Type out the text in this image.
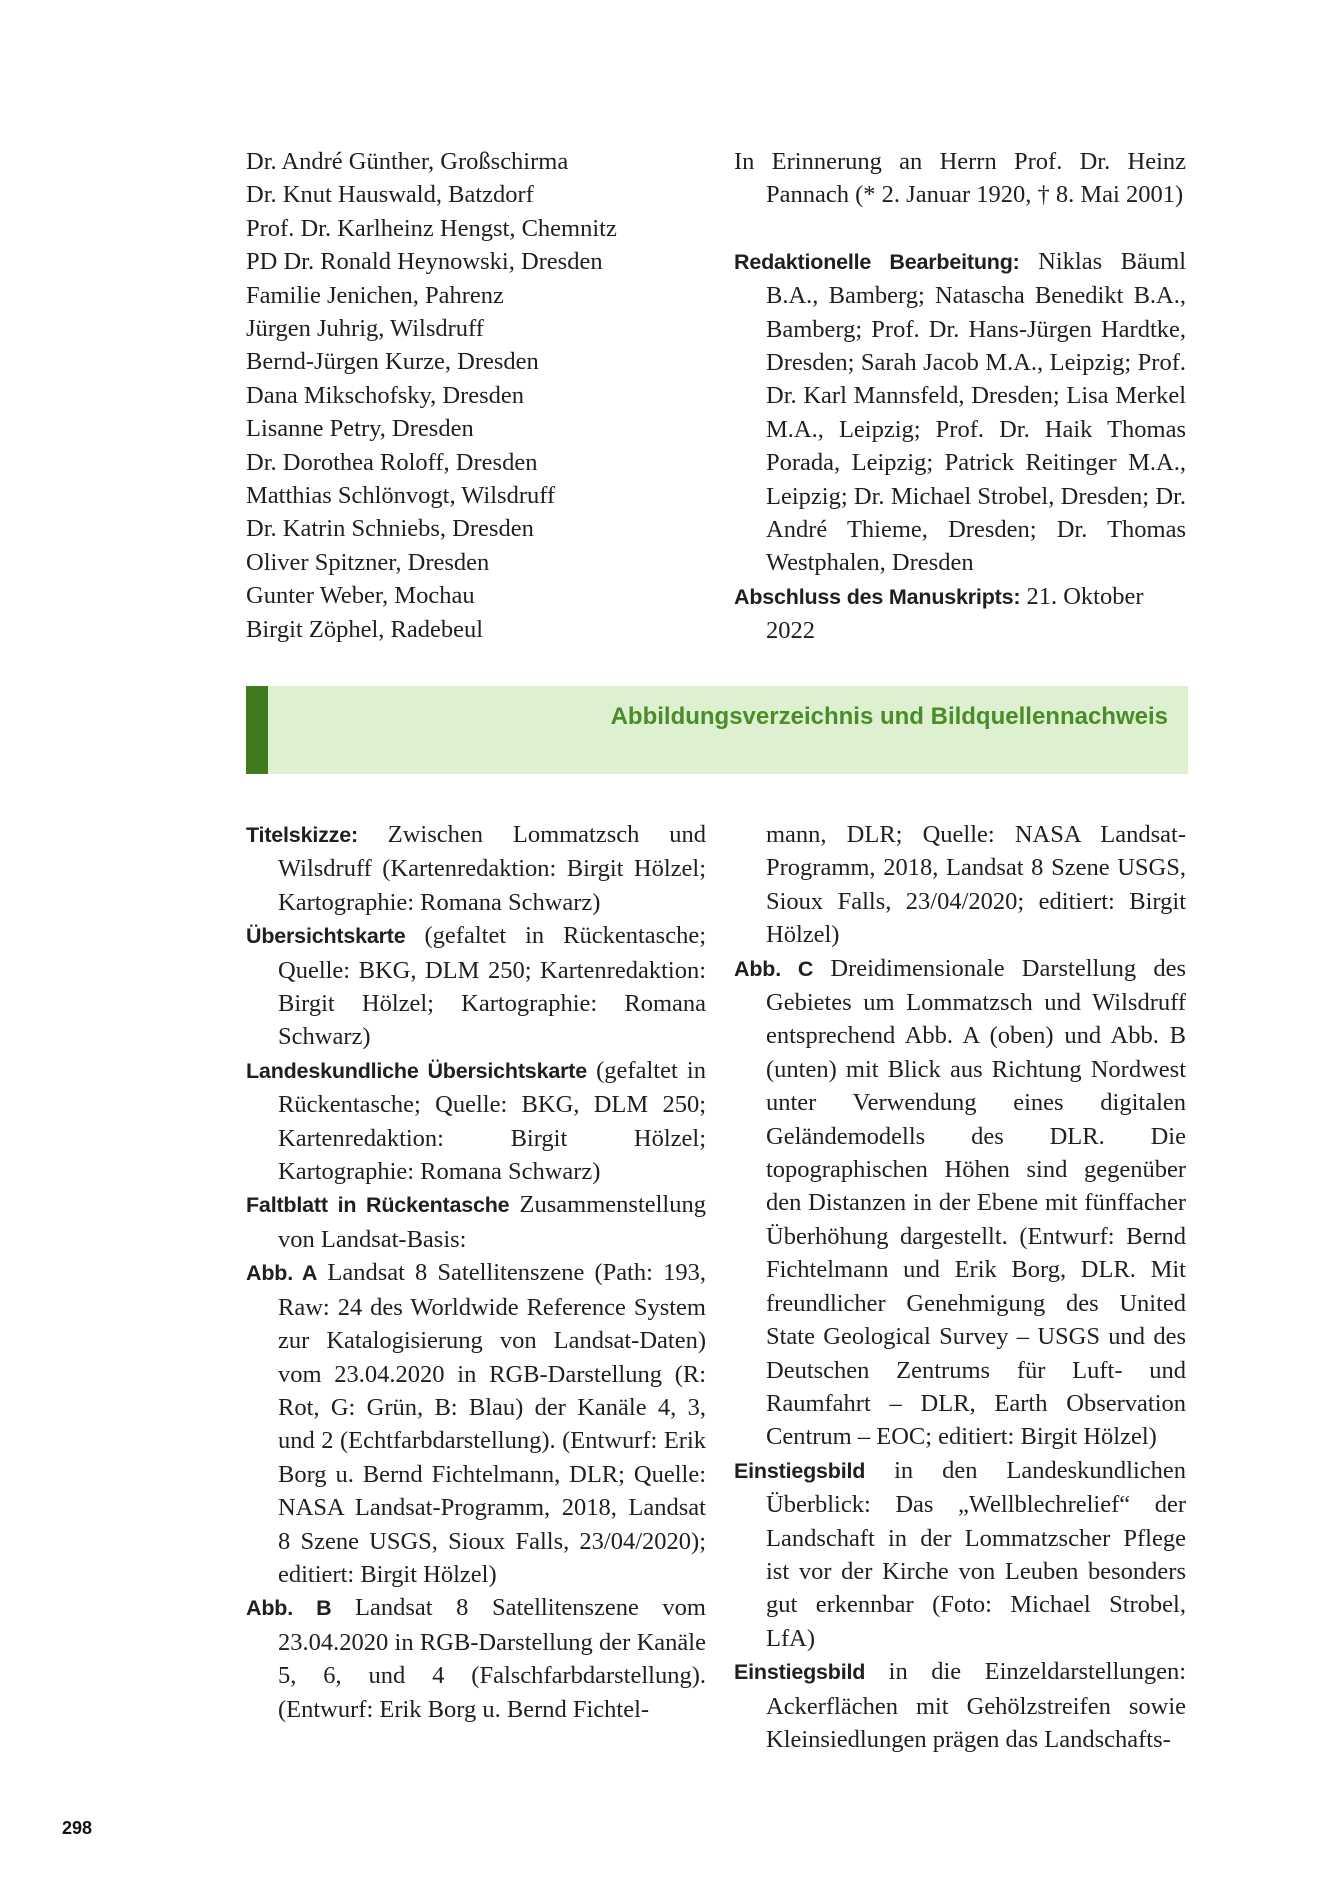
Dr. André Günther, Großschirma

Dr. Knut Hauswald, Batzdorf

Prof. Dr. Karlheinz Hengst, Chemnitz

PD Dr. Ronald Heynowski, Dresden

Familie Jenichen, Pahrenz

Jürgen Juhrig, Wilsdruff

Bernd-Jürgen Kurze, Dresden

Dana Mikschofsky, Dresden

Lisanne Petry, Dresden

Dr. Dorothea Roloff, Dresden

Matthias Schlönvogt, Wilsdruff

Dr. Katrin Schniebs, Dresden

Oliver Spitzner, Dresden

Gunter Weber, Mochau

Birgit Zöphel, Radebeul

In Erinnerung an Herrn Prof. Dr. Heinz Pannach (* 2. Januar 1920, † 8. Mai 2001)

Redaktionelle Bearbeitung: Niklas Bäuml B.A., Bamberg; Natascha Benedikt B.A., Bamberg; Prof. Dr. Hans-Jürgen Hardtke, Dresden; Sarah Jacob M.A., Leipzig; Prof. Dr. Karl Mannsfeld, Dresden; Lisa Merkel M.A., Leipzig; Prof. Dr. Haik Thomas Porada, Leipzig; Patrick Reitinger M.A., Leipzig; Dr. Michael Strobel, Dresden; Dr. André Thieme, Dresden; Dr. Thomas Westphalen, Dresden

Abschluss des Manuskripts: 21. Oktober 2022

Abbildungsverzeichnis und Bildquellennachweis

Titelskizze: Zwischen Lommatzsch und Wilsdruff (Kartenredaktion: Birgit Hölzel; Kartographie: Romana Schwarz)

Übersichtskarte (gefaltet in Rückentasche; Quelle: BKG, DLM 250; Kartenredaktion: Birgit Hölzel; Kartographie: Romana Schwarz)

Landeskundliche Übersichtskarte (gefaltet in Rückentasche; Quelle: BKG, DLM 250; Kartenredaktion: Birgit Hölzel; Kartographie: Romana Schwarz)

Faltblatt in Rückentasche Zusammenstellung von Landsat-Basis:

Abb. A Landsat 8 Satellitenszene (Path: 193, Raw: 24 des Worldwide Reference System zur Katalogisierung von Landsat-Daten) vom 23.04.2020 in RGB-Darstellung (R: Rot, G: Grün, B: Blau) der Kanäle 4, 3, und 2 (Echtfarbdarstellung). (Entwurf: Erik Borg u. Bernd Fichtelmann, DLR; Quelle: NASA Landsat-Programm, 2018, Landsat 8 Szene USGS, Sioux Falls, 23/04/2020); editiert: Birgit Hölzel)

Abb. B Landsat 8 Satellitenszene vom 23.04.2020 in RGB-Darstellung der Kanäle 5, 6, und 4 (Falschfarbdarstellung). (Entwurf: Erik Borg u. Bernd Fichtel-

mann, DLR; Quelle: NASA Landsat-Programm, 2018, Landsat 8 Szene USGS, Sioux Falls, 23/04/2020; editiert: Birgit Hölzel)

Abb. C Dreidimensionale Darstellung des Gebietes um Lommatzsch und Wilsdruff entsprechend Abb. A (oben) und Abb. B (unten) mit Blick aus Richtung Nordwest unter Verwendung eines digitalen Geländemodells des DLR. Die topographischen Höhen sind gegenüber den Distanzen in der Ebene mit fünffacher Überhöhung dargestellt. (Entwurf: Bernd Fichtelmann und Erik Borg, DLR. Mit freundlicher Genehmigung des United State Geological Survey – USGS und des Deutschen Zentrums für Luft- und Raumfahrt – DLR, Earth Observation Centrum – EOC; editiert: Birgit Hölzel)

Einstiegsbild in den Landeskundlichen Überblick: Das „Wellblechrelief“ der Landschaft in der Lommatzscher Pflege ist vor der Kirche von Leuben besonders gut erkennbar (Foto: Michael Strobel, LfA)

Einstiegsbild in die Einzeldarstellungen: Ackerflächen mit Gehölzstreifen sowie Kleinsiedlungen prägen das Landschafts-

298
